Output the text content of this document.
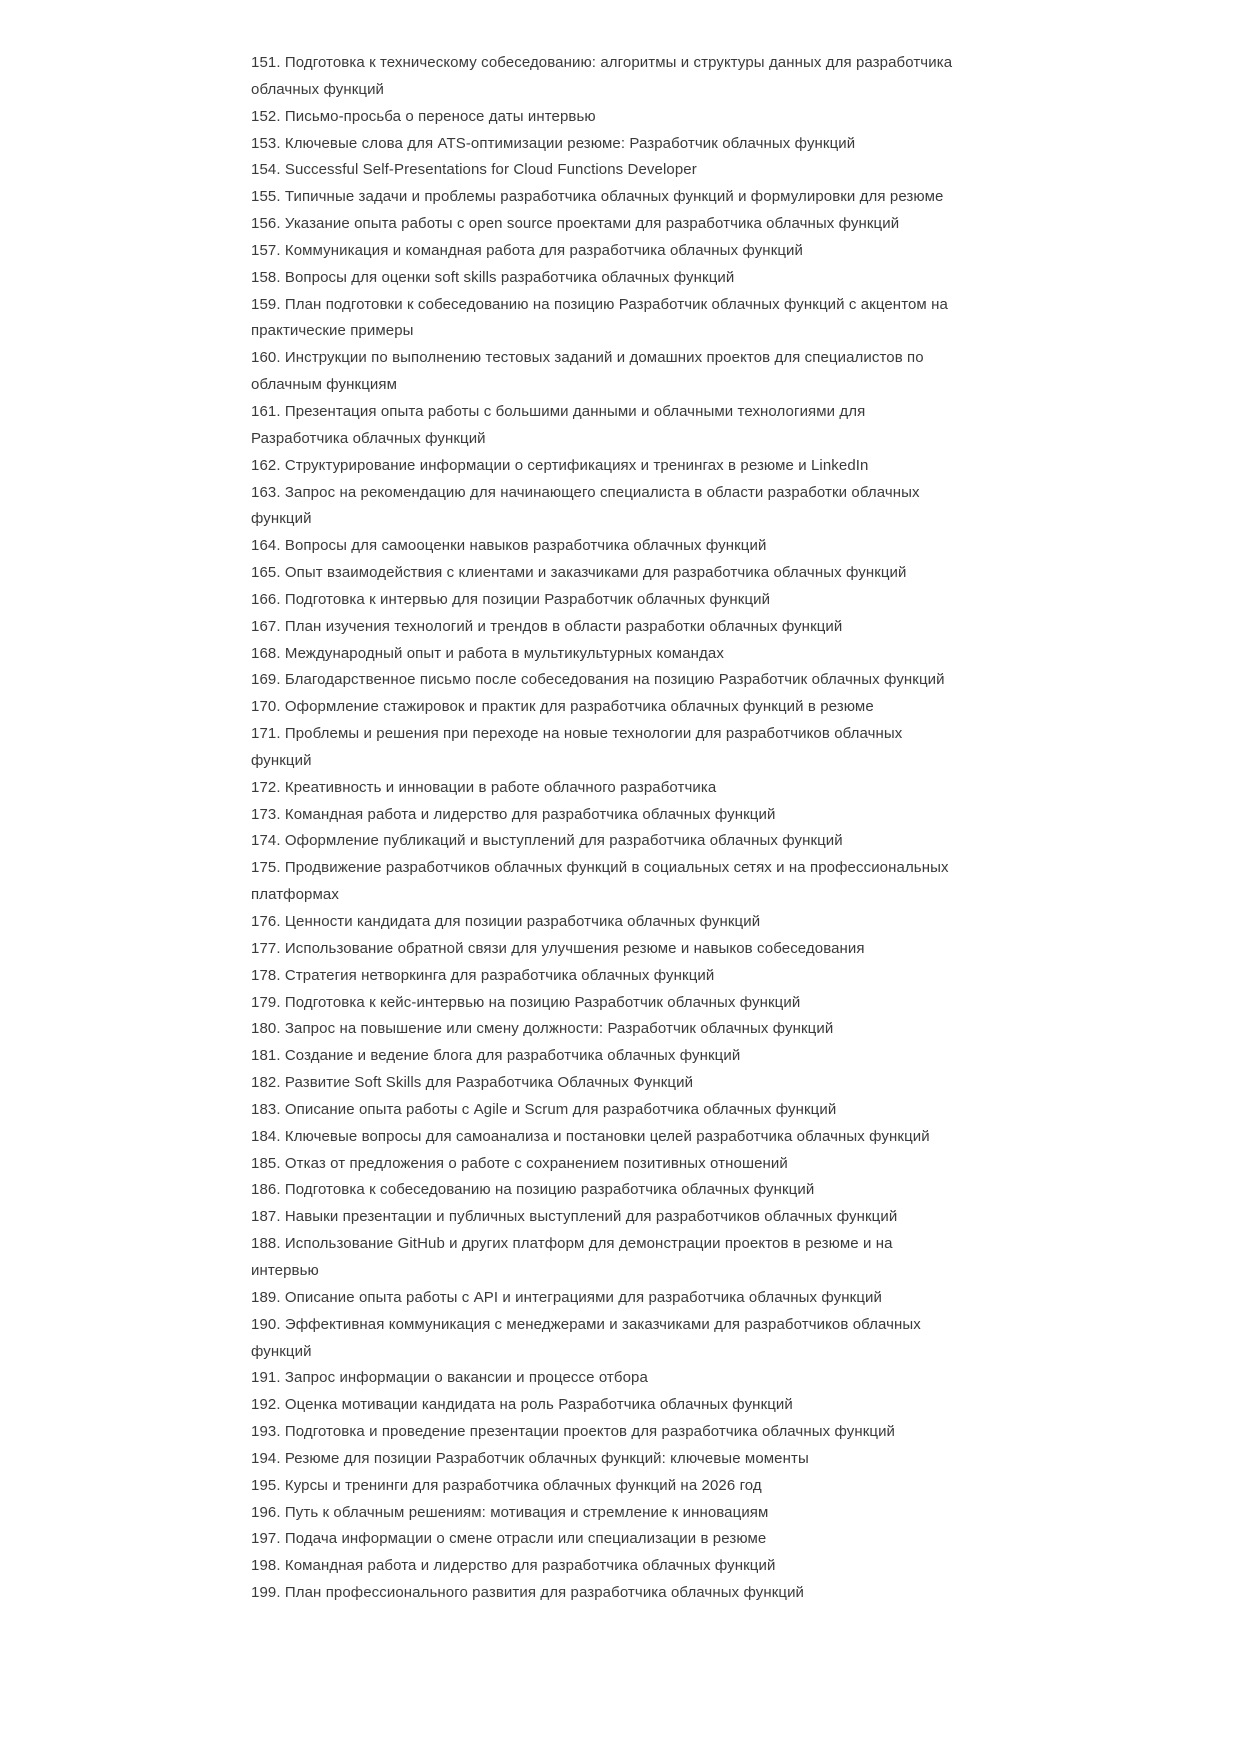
151. Подготовка к техническому собеседованию: алгоритмы и структуры данных для разработчика облачных функций

152. Письмо-просьба о переносе даты интервью

153. Ключевые слова для ATS-оптимизации резюме: Разработчик облачных функций

154. Successful Self-Presentations for Cloud Functions Developer

155. Типичные задачи и проблемы разработчика облачных функций и формулировки для резюме

156. Указание опыта работы с open source проектами для разработчика облачных функций

157. Коммуникация и командная работа для разработчика облачных функций

158. Вопросы для оценки soft skills разработчика облачных функций

159. План подготовки к собеседованию на позицию Разработчик облачных функций с акцентом на практические примеры

160. Инструкции по выполнению тестовых заданий и домашних проектов для специалистов по облачным функциям

161. Презентация опыта работы с большими данными и облачными технологиями для Разработчика облачных функций

162. Структурирование информации о сертификациях и тренингах в резюме и LinkedIn

163. Запрос на рекомендацию для начинающего специалиста в области разработки облачных функций

164. Вопросы для самооценки навыков разработчика облачных функций

165. Опыт взаимодействия с клиентами и заказчиками для разработчика облачных функций

166. Подготовка к интервью для позиции Разработчик облачных функций

167. План изучения технологий и трендов в области разработки облачных функций

168. Международный опыт и работа в мультикультурных командах

169. Благодарственное письмо после собеседования на позицию Разработчик облачных функций

170. Оформление стажировок и практик для разработчика облачных функций в резюме

171. Проблемы и решения при переходе на новые технологии для разработчиков облачных функций

172. Креативность и инновации в работе облачного разработчика

173. Командная работа и лидерство для разработчика облачных функций

174. Оформление публикаций и выступлений для разработчика облачных функций

175. Продвижение разработчиков облачных функций в социальных сетях и на профессиональных платформах

176. Ценности кандидата для позиции разработчика облачных функций

177. Использование обратной связи для улучшения резюме и навыков собеседования

178. Стратегия нетворкинга для разработчика облачных функций

179. Подготовка к кейс-интервью на позицию Разработчик облачных функций

180. Запрос на повышение или смену должности: Разработчик облачных функций

181. Создание и ведение блога для разработчика облачных функций

182. Развитие Soft Skills для Разработчика Облачных Функций

183. Описание опыта работы с Agile и Scrum для разработчика облачных функций

184. Ключевые вопросы для самоанализа и постановки целей разработчика облачных функций

185. Отказ от предложения о работе с сохранением позитивных отношений

186. Подготовка к собеседованию на позицию разработчика облачных функций

187. Навыки презентации и публичных выступлений для разработчиков облачных функций

188. Использование GitHub и других платформ для демонстрации проектов в резюме и на интервью

189. Описание опыта работы с API и интеграциями для разработчика облачных функций

190. Эффективная коммуникация с менеджерами и заказчиками для разработчиков облачных функций

191. Запрос информации о вакансии и процессе отбора

192. Оценка мотивации кандидата на роль Разработчика облачных функций

193. Подготовка и проведение презентации проектов для разработчика облачных функций

194. Резюме для позиции Разработчик облачных функций: ключевые моменты

195. Курсы и тренинги для разработчика облачных функций на 2026 год

196. Путь к облачным решениям: мотивация и стремление к инновациям

197. Подача информации о смене отрасли или специализации в резюме

198. Командная работа и лидерство для разработчика облачных функций

199. План профессионального развития для разработчика облачных функций
